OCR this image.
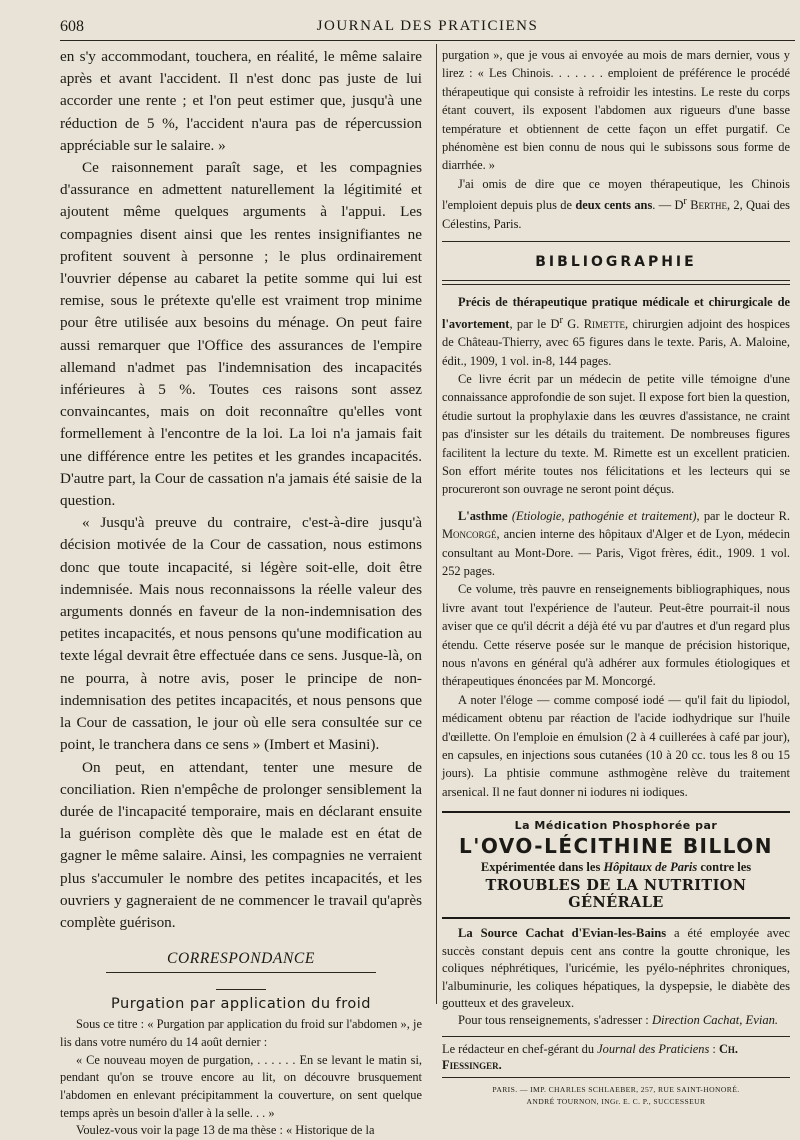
608	JOURNAL DES PRATICIENS

en s'y accommodant, touchera, en réalité, le même salaire après et avant l'accident. Il n'est donc pas juste de lui accorder une rente ; et l'on peut estimer que, jusqu'à une réduction de 5 %, l'accident n'aura pas de répercussion appréciable sur le salaire. »

Ce raisonnement paraît sage, et les compagnies d'assurance en admettent naturellement la légitimité et ajoutent même quelques arguments à l'appui. Les compagnies disent ainsi que les rentes insignifiantes ne profitent souvent à personne ; le plus ordinairement l'ouvrier dépense au cabaret la petite somme qui lui est remise, sous le prétexte qu'elle est vraiment trop minime pour être utilisée aux besoins du ménage. On peut faire aussi remarquer que l'Office des assurances de l'empire allemand n'admet pas l'indemnisation des incapacités inférieures à 5 %. Toutes ces raisons sont assez convaincantes, mais on doit reconnaître qu'elles vont formellement à l'encontre de la loi. La loi n'a jamais fait une différence entre les petites et les grandes incapacités. D'autre part, la Cour de cassation n'a jamais été saisie de la question.

« Jusqu'à preuve du contraire, c'est-à-dire jusqu'à décision motivée de la Cour de cassation, nous estimons donc que toute incapacité, si légère soit-elle, doit être indemnisée. Mais nous reconnaissons la réelle valeur des arguments donnés en faveur de la non-indemnisation des petites incapacités, et nous pensons qu'une modification au texte légal devrait être effectuée dans ce sens. Jusque-là, on ne pourra, à notre avis, poser le principe de non-indemnisation des petites incapacités, et nous pensons que la Cour de cassation, le jour où elle sera consultée sur ce point, le tranchera dans ce sens » (Imbert et Masini).

On peut, en attendant, tenter une mesure de conciliation. Rien n'empêche de prolonger sensiblement la durée de l'incapacité temporaire, mais en déclarant ensuite la guérison complète dès que le malade est en état de gagner le même salaire. Ainsi, les compagnies ne verraient plus s'accumuler le nombre des petites incapacités, et les ouvriers y gagneraient de ne commencer le travail qu'après complète guérison.

CORRESPONDANCE
Purgation par application du froid

Sous ce titre : « Purgation par application du froid sur l'abdomen », je lis dans votre numéro du 14 août dernier :

« Ce nouveau moyen de purgation, . . . . . . En se levant le matin si, pendant qu'on se trouve encore au lit, on découvre brusquement l'abdomen en enlevant précipitamment la couverture, on sent quelque temps après un besoin d'aller à la selle. . . »

Voulez-vous voir la page 13 de ma thèse : « Historique de la

purgation », que je vous ai envoyée au mois de mars dernier, vous y lirez : « Les Chinois. . . . . . . emploient de préférence le procédé thérapeutique qui consiste à refroidir les intestins. Le reste du corps étant couvert, ils exposent l'abdomen aux rigueurs d'une basse température et obtiennent de cette façon un effet purgatif. Ce phénomène est bien connu de nous qui le subissons sous forme de diarrhée. »

J'ai omis de dire que ce moyen thérapeutique, les Chinois l'emploient depuis plus de deux cents ans. — $D^r$ Berthe, 2, Quai des Célestins, Paris.

BIBLIOGRAPHIE

Précis de thérapeutique pratique médicale et chirurgicale de l'avortement, par le $D^r$ G. Rimette, chirurgien adjoint des hospices de Château-Thierry, avec 65 figures dans le texte. Paris, A. Maloine, édit., 1909, 1 vol. in-8, 144 pages.

Ce livre écrit par un médecin de petite ville témoigne d'une connaissance approfondie de son sujet. Il expose fort bien la question, étudie surtout la prophylaxie dans les œuvres d'assistance, ne craint pas d'insister sur les détails du traitement. De nombreuses figures facilitent la lecture du texte. M. Rimette est un excellent praticien. Son effort mérite toutes nos félicitations et les lecteurs qui se procureront son ouvrage ne seront point déçus.

L'asthme (Etiologie, pathogénie et traitement), par le docteur R. Moncorgé, ancien interne des hôpitaux d'Alger et de Lyon, médecin consultant au Mont-Dore. — Paris, Vigot frères, édit., 1909. 1 vol. 252 pages.

Ce volume, très pauvre en renseignements bibliographiques, nous livre avant tout l'expérience de l'auteur. Peut-être pourrait-il nous aviser que ce qu'il décrit a déjà été vu par d'autres et d'un regard plus étendu. Cette réserve posée sur le manque de précision historique, nous n'avons en général qu'à adhérer aux formules étiologiques et thérapeutiques énoncées par M. Moncorgé.

A noter l'éloge — comme composé iodé — qu'il fait du lipiodol, médicament obtenu par réaction de l'acide iodhydrique sur l'huile d'œillette. On l'emploie en émulsion (2 à 4 cuillerées à café par jour), en capsules, en injections sous cutanées (10 à 20 cc. tous les 8 ou 15 jours). La phtisie commune asthmogène relève du traitement arsenical. Il ne faut donner ni iodures ni iodiques.

La Médication Phosphorée par
L'OVO-LÉCITHINE BILLON
Expérimentée dans les Hôpitaux de Paris contre les
TROUBLES DE LA NUTRITION GÉNÉRALE

La Source Cachat d'Evian-les-Bains a été employée avec succès constant depuis cent ans contre la goutte chronique, les coliques néphrétiques, l'uricémie, les pyélo-néphrites chroniques, l'albuminurie, les coliques hépatiques, la dyspepsie, le diabète des goutteux et des graveleux.

Pour tous renseignements, s'adresser : Direction Cachat, Evian.

Le rédacteur en chef-gérant du Journal des Praticiens : Ch. Fiessinger.

PARIS. — IMP. CHARLES SCHLAEBER, 257, RUE SAINT-HONORÉ.
ANDRÉ TOURNON, INGr. E. C. P., SUCCESSEUR
